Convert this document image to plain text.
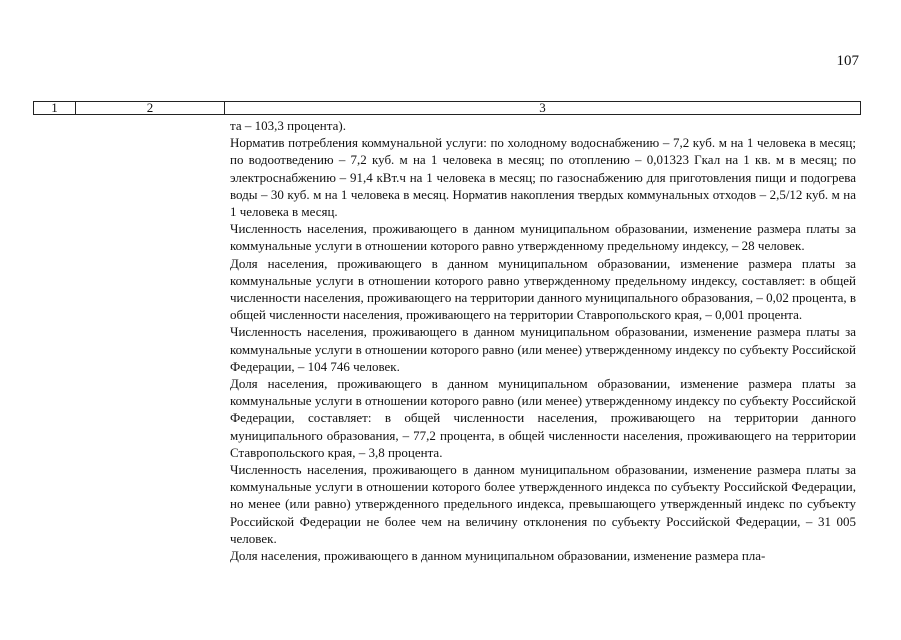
107
1	2	3

та – 103,3 процента).

Норматив потребления коммунальной услуги: по холодному водоснабжению – 7,2 куб. м на 1 человека в месяц; по водоотведению – 7,2 куб. м на 1 человека в месяц; по отоплению – 0,01323 Гкал на 1 кв. м в месяц; по электроснабжению – 91,4 кВт.ч на 1 человека в месяц; по газоснабжению для приготовления пищи и подогрева воды – 30 куб. м на 1 человека в месяц. Норматив накопления твердых коммунальных отходов – 2,5/12 куб. м на 1 человека в месяц.

Численность населения, проживающего в данном муниципальном образовании, изменение размера платы за коммунальные услуги в отношении которого равно утвержденному предельному индексу, – 28 человек.

Доля населения, проживающего в данном муниципальном образовании, изменение размера платы за коммунальные услуги в отношении которого равно утвержденному предельному индексу, составляет: в общей численности населения, проживающего на территории данного муниципального образования, – 0,02 процента, в общей численности населения, проживающего на территории Ставропольского края, – 0,001 процента.

Численность населения, проживающего в данном муниципальном образовании, изменение размера платы за коммунальные услуги в отношении которого равно (или менее) утвержденному индексу по субъекту Российской Федерации, – 104 746 человек.

Доля населения, проживающего в данном муниципальном образовании, изменение размера платы за коммунальные услуги в отношении которого равно (или менее) утвержденному индексу по субъекту Российской Федерации, составляет: в общей численности населения, проживающего на территории данного муниципального образования, – 77,2 процента, в общей численности населения, проживающего на территории Ставропольского края, – 3,8 процента.

Численность населения, проживающего в данном муниципальном образовании, изменение размера платы за коммунальные услуги в отношении которого более утвержденного индекса по субъекту Российской Федерации, но менее (или равно) утвержденного предельного индекса, превышающего утвержденный индекс по субъекту Российской Федерации не более чем на величину отклонения по субъекту Российской Федерации, – 31 005 человек.

Доля населения, проживающего в данном муниципальном образовании, изменение размера пла-
